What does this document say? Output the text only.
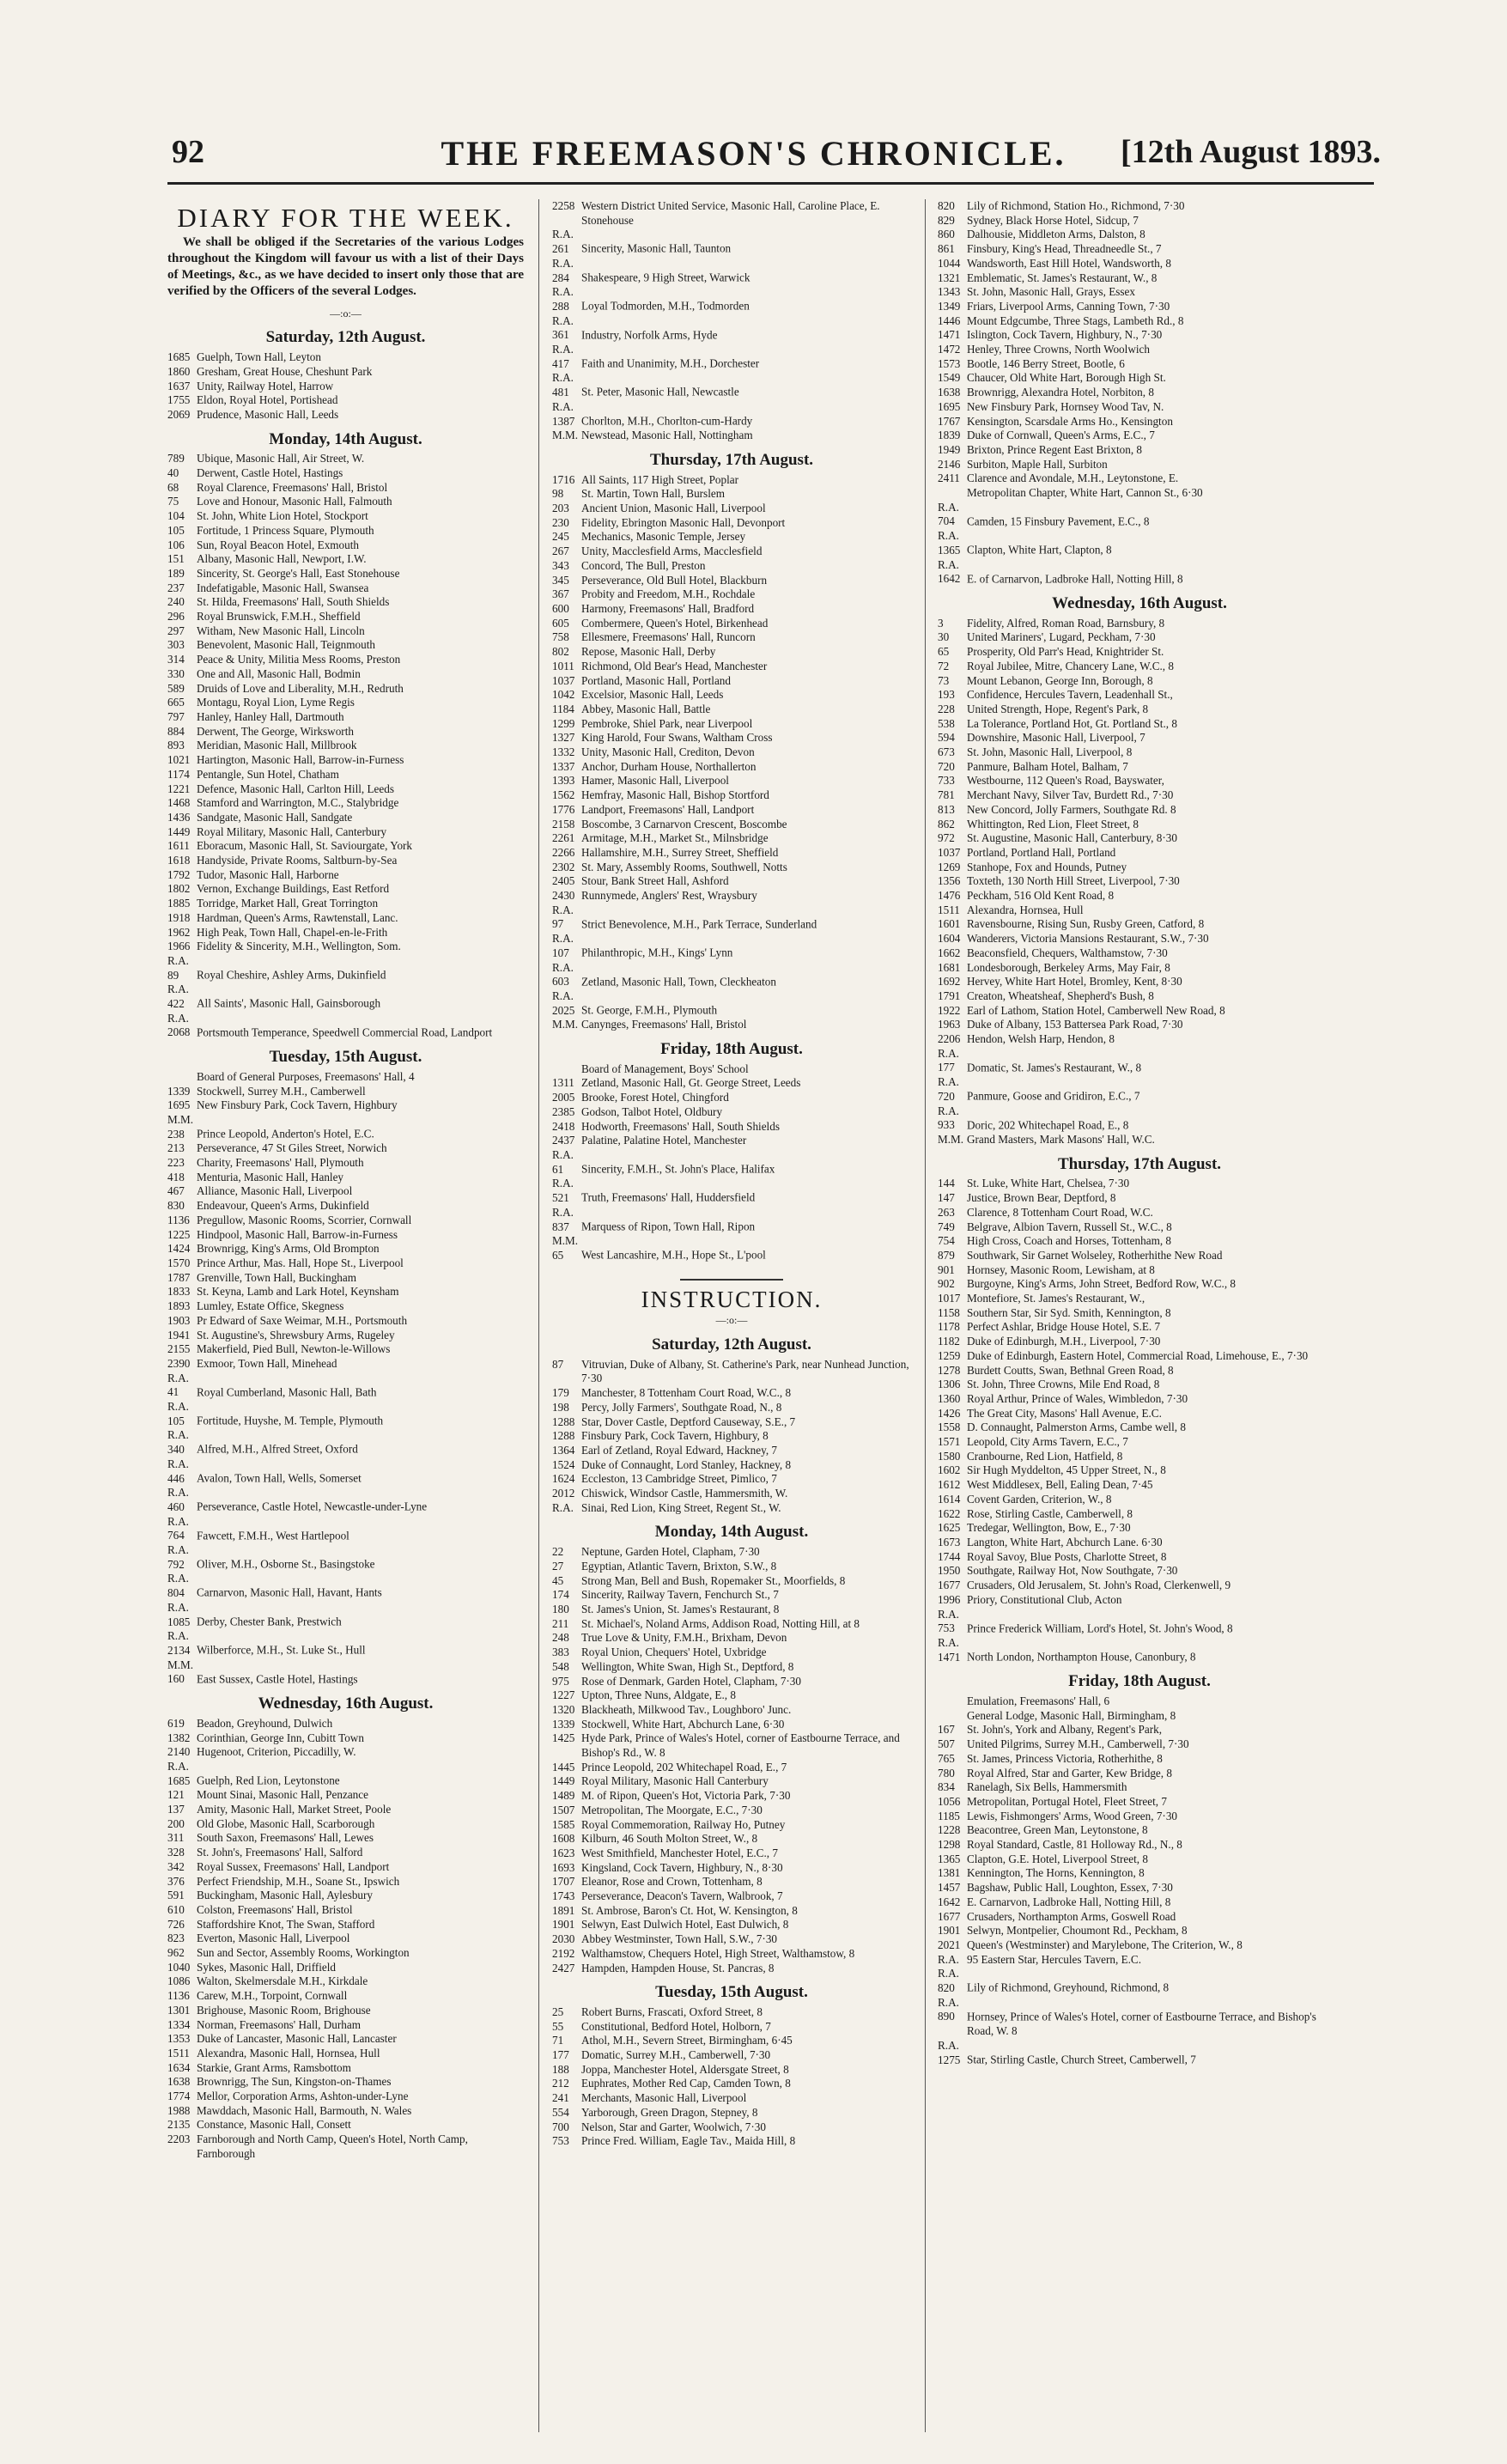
92	THE FREEMASON'S CHRONICLE.	[12th August 1893.
DIARY FOR THE WEEK.

We shall be obliged if the Secretaries of the various Lodges throughout the Kingdom will favour us with a list of their Days of Meetings, &c., as we have decided to insert only those that are verified by the Officers of the several Lodges.

—:o:—
Saturday, 12th August.
1685 Guelph, Town Hall, Leyton
1860 Gresham, Great House, Cheshunt Park
1637 Unity, Railway Hotel, Harrow
1755 Eldon, Royal Hotel, Portishead
2069 Prudence, Masonic Hall, Leeds
Monday, 14th August.
789 Ubique, Masonic Hall, Air Street, W.
40 Derwent, Castle Hotel, Hastings
68 Royal Clarence, Freemasons' Hall, Bristol
75 Love and Honour, Masonic Hall, Falmouth
104 St. John, White Lion Hotel, Stockport
105 Fortitude, 1 Princess Square, Plymouth
106 Sun, Royal Beacon Hotel, Exmouth
151 Albany, Masonic Hall, Newport, I.W.
189 Sincerity, St. George's Hall, East Stonehouse
237 Indefatigable, Masonic Hall, Swansea
240 St. Hilda, Freemasons' Hall, South Shields
296 Royal Brunswick, F.M.H., Sheffield
297 Witham, New Masonic Hall, Lincoln
303 Benevolent, Masonic Hall, Teignmouth
314 Peace & Unity, Militia Mess Rooms, Preston
330 One and All, Masonic Hall, Bodmin
589 Druids of Love and Liberality, M.H., Redruth
665 Montagu, Royal Lion, Lyme Regis
797 Hanley, Hanley Hall, Dartmouth
884 Derwent, The George, Wirksworth
893 Meridian, Masonic Hall, Millbrook
1021 Hartington, Masonic Hall, Barrow-in-Furness
1174 Pentangle, Sun Hotel, Chatham
1221 Defence, Masonic Hall, Carlton Hill, Leeds
1468 Stamford and Warrington, M.C., Stalybridge
1436 Sandgate, Masonic Hall, Sandgate
1449 Royal Military, Masonic Hall, Canterbury
1611 Eboracum, Masonic Hall, St. Saviourgate, York
1618 Handyside, Private Rooms, Saltburn-by-Sea
1792 Tudor, Masonic Hall, Harborne
1802 Vernon, Exchange Buildings, East Retford
1885 Torridge, Market Hall, Great Torrington
1918 Hardman, Queen's Arms, Rawtenstall, Lanc.
1962 High Peak, Town Hall, Chapel-en-le-Frith
1966 Fidelity & Sincerity, M.H., Wellington, Som.
R.A. 89 Royal Cheshire, Ashley Arms, Dukinfield
R.A. 422 All Saints', Masonic Hall, Gainsborough
R.A. 2068 Portsmouth Temperance, Speedwell Commercial Road, Landport
Tuesday, 15th August.
Board of General Purposes, Freemasons' Hall, 4
1339 Stockwell, Surrey M.H., Camberwell
1695 New Finsbury Park, Cock Tavern, Highbury
M.M. 238 Prince Leopold, Anderton's Hotel, E.C.
213 Perseverance, 47 St Giles Street, Norwich
223 Charity, Freemasons' Hall, Plymouth
418 Menturia, Masonic Hall, Hanley
467 Alliance, Masonic Hall, Liverpool
830 Endeavour, Queen's Arms, Dukinfield
1136 Pregullow, Masonic Rooms, Scorrier, Cornwall
1225 Hindpool, Masonic Hall, Barrow-in-Furness
1424 Brownrigg, King's Arms, Old Brompton
1570 Prince Arthur, Mas. Hall, Hope St., Liverpool
1787 Grenville, Town Hall, Buckingham
1833 St. Keyna, Lamb and Lark Hotel, Keynsham
1893 Lumley, Estate Office, Skegness
1903 Pr Edward of Saxe Weimar, M.H., Portsmouth
1941 St. Augustine's, Shrewsbury Arms, Rugeley
2155 Makerfield, Pied Bull, Newton-le-Willows
2390 Exmoor, Town Hall, Minehead
R.A. 41 Royal Cumberland, Masonic Hall, Bath
R.A. 105 Fortitude, Huyshe, M. Temple, Plymouth
R.A. 340 Alfred, M.H., Alfred Street, Oxford
R.A. 446 Avalon, Town Hall, Wells, Somerset
R.A. 460 Perseverance, Castle Hotel, Newcastle-under-Lyne
R.A. 764 Fawcett, F.M.H., West Hartlepool
R.A. 792 Oliver, M.H., Osborne St., Basingstoke
R.A. 804 Carnarvon, Masonic Hall, Havant, Hants
R.A. 1085 Derby, Chester Bank, Prestwich
R.A. 2134 Wilberforce, M.H., St. Luke St., Hull
M.M. 160 East Sussex, Castle Hotel, Hastings
Wednesday, 16th August.
619 Beadon, Greyhound, Dulwich
1382 Corinthian, George Inn, Cubitt Town
2140 Hugenoot, Criterion, Piccadilly, W.
R.A. 1685 Guelph, Red Lion, Leytonstone
121 Mount Sinai, Masonic Hall, Penzance
137 Amity, Masonic Hall, Market Street, Poole
200 Old Globe, Masonic Hall, Scarborough
311 South Saxon, Freemasons' Hall, Lewes
328 St. John's, Freemasons' Hall, Salford
342 Royal Sussex, Freemasons' Hall, Landport
376 Perfect Friendship, M.H., Soane St., Ipswich
591 Buckingham, Masonic Hall, Aylesbury
610 Colston, Freemasons' Hall, Bristol
726 Staffordshire Knot, The Swan, Stafford
823 Everton, Masonic Hall, Liverpool
962 Sun and Sector, Assembly Rooms, Workington
1040 Sykes, Masonic Hall, Driffield
1086 Walton, Skelmersdale M.H., Kirkdale
1136 Carew, M.H., Torpoint, Cornwall
1301 Brighouse, Masonic Room, Brighouse
1334 Norman, Freemasons' Hall, Durham
1353 Duke of Lancaster, Masonic Hall, Lancaster
1511 Alexandra, Masonic Hall, Hornsea, Hull
1634 Starkie, Grant Arms, Ramsbottom
1638 Brownrigg, The Sun, Kingston-on-Thames
1774 Mellor, Corporation Arms, Ashton-under-Lyne
1988 Mawddach, Masonic Hall, Barmouth, N. Wales
2135 Constance, Masonic Hall, Consett
2203 Farnborough and North Camp, Queen's Hotel, North Camp, Farnborough
2258 Western District United Service, Masonic Hall, Caroline Place, E. Stonehouse
R.A. 261 Sincerity, Masonic Hall, Taunton
R.A. 284 Shakespeare, 9 High Street, Warwick
R.A. 288 Loyal Todmorden, M.H., Todmorden
R.A. 361 Industry, Norfolk Arms, Hyde
R.A. 417 Faith and Unanimity, M.H., Dorchester
R.A. 481 St. Peter, Masonic Hall, Newcastle
R.A. 1387 Chorlton, M.H., Chorlton-cum-Hardy
M.M. Newstead, Masonic Hall, Nottingham
Thursday, 17th August.
1716 All Saints, 117 High Street, Poplar
98 St. Martin, Town Hall, Burslem
203 Ancient Union, Masonic Hall, Liverpool
230 Fidelity, Ebrington Masonic Hall, Devonport
245 Mechanics, Masonic Temple, Jersey
267 Unity, Macclesfield Arms, Macclesfield
343 Concord, The Bull, Preston
345 Perseverance, Old Bull Hotel, Blackburn
367 Probity and Freedom, M.H., Rochdale
600 Harmony, Freemasons' Hall, Bradford
605 Combermere, Queen's Hotel, Birkenhead
758 Ellesmere, Freemasons' Hall, Runcorn
802 Repose, Masonic Hall, Derby
1011 Richmond, Old Bear's Head, Manchester
1037 Portland, Masonic Hall, Portland
1042 Excelsior, Masonic Hall, Leeds
1184 Abbey, Masonic Hall, Battle
1299 Pembroke, Shiel Park, near Liverpool
1327 King Harold, Four Swans, Waltham Cross
1332 Unity, Masonic Hall, Crediton, Devon
1337 Anchor, Durham House, Northallerton
1393 Hamer, Masonic Hall, Liverpool
1562 Hemfray, Masonic Hall, Bishop Stortford
1776 Landport, Freemasons' Hall, Landport
2158 Boscombe, 3 Carnarvon Crescent, Boscombe
2261 Armitage, M.H., Market St., Milnsbridge
2266 Hallamshire, M.H., Surrey Street, Sheffield
2302 St. Mary, Assembly Rooms, Southwell, Notts
2405 Stour, Bank Street Hall, Ashford
2430 Runnymede, Anglers' Rest, Wraysbury
R.A. 97 Strict Benevolence, M.H., Park Terrace, Sunderland
R.A. 107 Philanthropic, M.H., Kings' Lynn
R.A. 603 Zetland, Masonic Hall, Town, Cleckheaton
R.A. 2025 St. George, F.M.H., Plymouth
M.M. Canynges, Freemasons' Hall, Bristol
Friday, 18th August.
Board of Management, Boys' School
1311 Zetland, Masonic Hall, Gt. George Street, Leeds
2005 Brooke, Forest Hotel, Chingford
2385 Godson, Talbot Hotel, Oldbury
2418 Hodworth, Freemasons' Hall, South Shields
2437 Palatine, Palatine Hotel, Manchester
R.A. 61 Sincerity, F.M.H., St. John's Place, Halifax
R.A. 521 Truth, Freemasons' Hall, Huddersfield
R.A. 837 Marquess of Ripon, Town Hall, Ripon
M.M. 65 West Lancashire, M.H., Hope St., L'pool
INSTRUCTION.
—:o:—
Saturday, 12th August.
87 Vitruvian, Duke of Albany, St. Catherine's Park, near Nunhead Junction, 7·30
179 Manchester, 8 Tottenham Court Road, W.C., 8
198 Percy, Jolly Farmers', Southgate Road, N., 8
1288 Star, Dover Castle, Deptford Causeway, S.E., 7
1288 Finsbury Park, Cock Tavern, Highbury, 8
1364 Earl of Zetland, Royal Edward, Hackney, 7
1524 Duke of Connaught, Lord Stanley, Hackney, 8
1624 Eccleston, 13 Cambridge Street, Pimlico, 7
2012 Chiswick, Windsor Castle, Hammersmith, W.
R.A. Sinai, Red Lion, King Street, Regent St., W.
Monday, 14th August.
22 Neptune, Garden Hotel, Clapham, 7·30
27 Egyptian, Atlantic Tavern, Brixton, S.W., 8
45 Strong Man, Bell and Bush, Ropemaker St., Moorfields, 8
174 Sincerity, Railway Tavern, Fenchurch St., 7
180 St. James's Union, St. James's Restaurant, 8
211 St. Michael's, Noland Arms, Addison Road, Notting Hill, at 8
248 True Love & Unity, F.M.H., Brixham, Devon
383 Royal Union, Chequers' Hotel, Uxbridge
548 Wellington, White Swan, High St., Deptford, 8
975 Rose of Denmark, Garden Hotel, Clapham, 7·30
1227 Upton, Three Nuns, Aldgate, E., 8
1320 Blackheath, Milkwood Tav., Loughboro' Junc.
1339 Stockwell, White Hart, Abchurch Lane, 6·30
1425 Hyde Park, Prince of Wales's Hotel, corner of Eastbourne Terrace, and Bishop's Rd., W. 8
1445 Prince Leopold, 202 Whitechapel Road, E., 7
1449 Royal Military, Masonic Hall Canterbury
1489 M. of Ripon, Queen's Hot, Victoria Park, 7·30
1507 Metropolitan, The Moorgate, E.C., 7·30
1585 Royal Commemoration, Railway Ho, Putney
1608 Kilburn, 46 South Molton Street, W., 8
1623 West Smithfield, Manchester Hotel, E.C., 7
1693 Kingsland, Cock Tavern, Highbury, N., 8·30
1707 Eleanor, Rose and Crown, Tottenham, 8
1743 Perseverance, Deacon's Tavern, Walbrook, 7
1891 St. Ambrose, Baron's Ct. Hot, W. Kensington, 8
1901 Selwyn, East Dulwich Hotel, East Dulwich, 8
2030 Abbey Westminster, Town Hall, S.W., 7·30
2192 Walthamstow, Chequers Hotel, High Street, Walthamstow, 8
2427 Hampden, Hampden House, St. Pancras, 8
Tuesday, 15th August.
25 Robert Burns, Frascati, Oxford Street, 8
55 Constitutional, Bedford Hotel, Holborn, 7
71 Athol, M.H., Severn Street, Birmingham, 6·45
177 Domatic, Surrey M.H., Camberwell, 7·30
188 Joppa, Manchester Hotel, Aldersgate Street, 8
212 Euphrates, Mother Red Cap, Camden Town, 8
241 Merchants, Masonic Hall, Liverpool
554 Yarborough, Green Dragon, Stepney, 8
700 Nelson, Star and Garter, Woolwich, 7·30
753 Prince Fred. William, Eagle Tav., Maida Hill, 8
820 Lily of Richmond, Station Ho., Richmond, 7·30
829 Sydney, Black Horse Hotel, Sidcup, 7
860 Dalhousie, Middleton Arms, Dalston, 8
861 Finsbury, King's Head, Threadneedle St., 7
1044 Wandsworth, East Hill Hotel, Wandsworth, 8
1321 Emblematic, St. James's Restaurant, W., 8
1343 St. John, Masonic Hall, Grays, Essex
1349 Friars, Liverpool Arms, Canning Town, 7·30
1446 Mount Edgcumbe, Three Stags, Lambeth Rd., 8
1471 Islington, Cock Tavern, Highbury, N., 7·30
1472 Henley, Three Crowns, North Woolwich
1573 Bootle, 146 Berry Street, Bootle, 6
1549 Chaucer, Old White Hart, Borough High St.
1638 Brownrigg, Alexandra Hotel, Norbiton, 8
1695 New Finsbury Park, Hornsey Wood Tav, N.
1767 Kensington, Scarsdale Arms Ho., Kensington
1839 Duke of Cornwall, Queen's Arms, E.C., 7
1949 Brixton, Prince Regent East Brixton, 8
2146 Surbiton, Maple Hall, Surbiton
2411 Clarence and Avondale, M.H., Leytonstone, E.
Metropolitan Chapter, White Hart, Cannon St., 6·30
R.A. 704 Camden, 15 Finsbury Pavement, E.C., 8
R.A. 1365 Clapton, White Hart, Clapton, 8
R.A. 1642 E. of Carnarvon, Ladbroke Hall, Notting Hill, 8
Wednesday, 16th August.
3 Fidelity, Alfred, Roman Road, Barnsbury, 8
30 United Mariners', Lugard, Peckham, 7·30
65 Prosperity, Old Parr's Head, Knightrider St.
72 Royal Jubilee, Mitre, Chancery Lane, W.C., 8
73 Mount Lebanon, George Inn, Borough, 8
193 Confidence, Hercules Tavern, Leadenhall St.,
228 United Strength, Hope, Regent's Park, 8
538 La Tolerance, Portland Hot, Gt. Portland St., 8
594 Downshire, Masonic Hall, Liverpool, 7
673 St. John, Masonic Hall, Liverpool, 8
720 Panmure, Balham Hotel, Balham, 7
733 Westbourne, 112 Queen's Road, Bayswater,
781 Merchant Navy, Silver Tav, Burdett Rd., 7·30
813 New Concord, Jolly Farmers, Southgate Rd. 8
862 Whittington, Red Lion, Fleet Street, 8
972 St. Augustine, Masonic Hall, Canterbury, 8·30
1037 Portland, Portland Hall, Portland
1269 Stanhope, Fox and Hounds, Putney
1356 Toxteth, 130 North Hill Street, Liverpool, 7·30
1476 Peckham, 516 Old Kent Road, 8
1511 Alexandra, Hornsea, Hull
1601 Ravensbourne, Rising Sun, Rusby Green, Catford, 8
1604 Wanderers, Victoria Mansions Restaurant, S.W., 7·30
1662 Beaconsfield, Chequers, Walthamstow, 7·30
1681 Londesborough, Berkeley Arms, May Fair, 8
1692 Hervey, White Hart Hotel, Bromley, Kent, 8·30
1791 Creaton, Wheatsheaf, Shepherd's Bush, 8
1922 Earl of Lathom, Station Hotel, Camberwell New Road, 8
1963 Duke of Albany, 153 Battersea Park Road, 7·30
2206 Hendon, Welsh Harp, Hendon, 8
R.A. 177 Domatic, St. James's Restaurant, W., 8
R.A. 720 Panmure, Goose and Gridiron, E.C., 7
R.A. 933 Doric, 202 Whitechapel Road, E., 8
M.M. Grand Masters, Mark Masons' Hall, W.C.
Thursday, 17th August.
144 St. Luke, White Hart, Chelsea, 7·30
147 Justice, Brown Bear, Deptford, 8
263 Clarence, 8 Tottenham Court Road, W.C.
749 Belgrave, Albion Tavern, Russell St., W.C., 8
754 High Cross, Coach and Horses, Tottenham, 8
879 Southwark, Sir Garnet Wolseley, Rotherhithe New Road
901 Hornsey, Masonic Room, Lewisham, at 8
902 Burgoyne, King's Arms, John Street, Bedford Row, W.C., 8
1017 Montefiore, St. James's Restaurant, W.,
1158 Southern Star, Sir Syd. Smith, Kennington, 8
1178 Perfect Ashlar, Bridge House Hotel, S.E. 7
1182 Duke of Edinburgh, M.H., Liverpool, 7·30
1259 Duke of Edinburgh, Eastern Hotel, Commercial Road, Limehouse, E., 7·30
1278 Burdett Coutts, Swan, Bethnal Green Road, 8
1306 St. John, Three Crowns, Mile End Road, 8
1360 Royal Arthur, Prince of Wales, Wimbledon, 7·30
1426 The Great City, Masons' Hall Avenue, E.C.
1558 D. Connaught, Palmerston Arms, Cambe well, 8
1571 Leopold, City Arms Tavern, E.C., 7
1580 Cranbourne, Red Lion, Hatfield, 8
1602 Sir Hugh Myddelton, 45 Upper Street, N., 8
1612 West Middlesex, Bell, Ealing Dean, 7·45
1614 Covent Garden, Criterion, W., 8
1622 Rose, Stirling Castle, Camberwell, 8
1625 Tredegar, Wellington, Bow, E., 7·30
1673 Langton, White Hart, Abchurch Lane. 6·30
1744 Royal Savoy, Blue Posts, Charlotte Street, 8
1950 Southgate, Railway Hot, Now Southgate, 7·30
1677 Crusaders, Old Jerusalem, St. John's Road, Clerkenwell, 9
1996 Priory, Constitutional Club, Acton
R.A. 753 Prince Frederick William, Lord's Hotel, St. John's Wood, 8
R.A. 1471 North London, Northampton House, Canonbury, 8
Friday, 18th August.
Emulation, Freemasons' Hall, 6
General Lodge, Masonic Hall, Birmingham, 8
167 St. John's, York and Albany, Regent's Park,
507 United Pilgrims, Surrey M.H., Camberwell, 7·30
765 St. James, Princess Victoria, Rotherhithe, 8
780 Royal Alfred, Star and Garter, Kew Bridge, 8
834 Ranelagh, Six Bells, Hammersmith
1056 Metropolitan, Portugal Hotel, Fleet Street, 7
1185 Lewis, Fishmongers' Arms, Wood Green, 7·30
1228 Beacontree, Green Man, Leytonstone, 8
1298 Royal Standard, Castle, 81 Holloway Rd., N., 8
1365 Clapton, G.E. Hotel, Liverpool Street, 8
1381 Kennington, The Horns, Kennington, 8
1457 Bagshaw, Public Hall, Loughton, Essex, 7·30
1642 E. Carnarvon, Ladbroke Hall, Notting Hill, 8
1677 Crusaders, Northampton Arms, Goswell Road
1901 Selwyn, Montpelier, Choumont Rd., Peckham, 8
2021 Queen's (Westminster) and Marylebone, The Criterion, W., 8
R.A. 95 Eastern Star, Hercules Tavern, E.C.
R.A. 820 Lily of Richmond, Greyhound, Richmond, 8
R.A. 890 Hornsey, Prince of Wales's Hotel, corner of Eastbourne Terrace, and Bishop's Road, W. 8
R.A. 1275 Star, Stirling Castle, Church Street, Camberwell, 7
